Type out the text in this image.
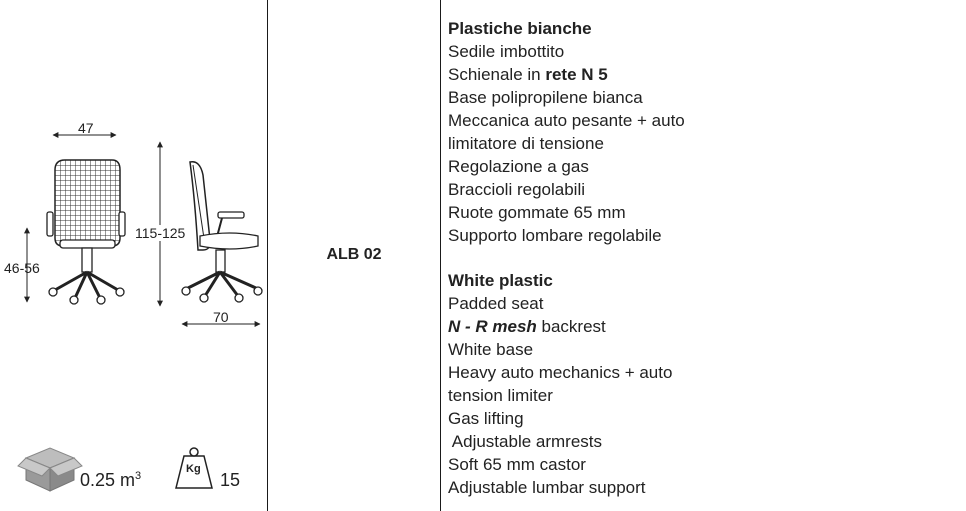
47
46-56
115-125
70
Kg
0.25 $m^3$	15
ALB 02
Plastiche bianche
Sedile imbottito
Schienale in rete N 5
Base polipropilene bianca
Meccanica auto pesante + auto
limitatore di tensione
Regolazione a gas
Braccioli regolabili
Ruote gommate 65 mm
Supporto lombare regolabile
White plastic
Padded seat
N - R mesh backrest
White base
Heavy auto mechanics + auto
tension limiter
Gas lifting
Adjustable armrests
Soft 65 mm castor
Adjustable lumbar support
